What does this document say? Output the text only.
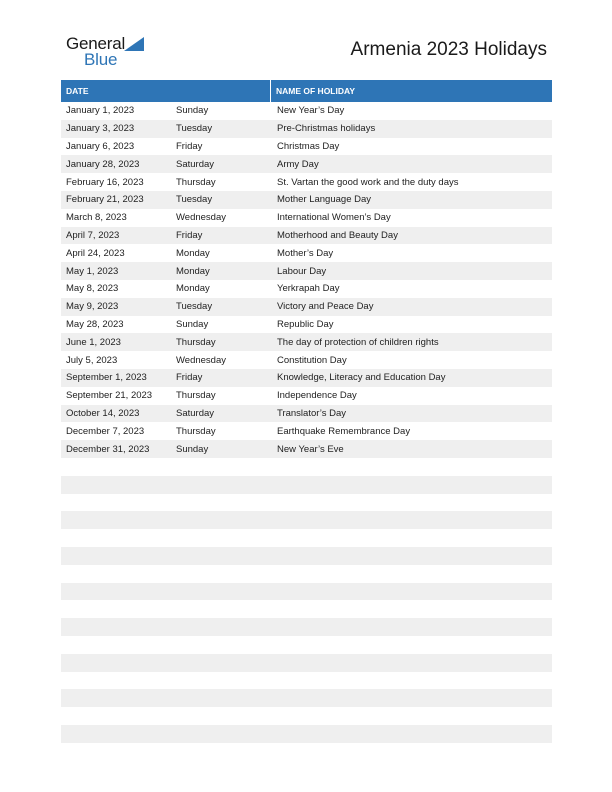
General
Blue	Armenia 2023 Holidays
DATE	NAME OF HOLIDAY
January 1, 2023	Sunday	New Year’s Day
January 3, 2023	Tuesday	Pre-Christmas holidays
January 6, 2023	Friday	Christmas Day
January 28, 2023	Saturday	Army Day
February 16, 2023	Thursday	St. Vartan the good work and the duty days
February 21, 2023	Tuesday	Mother Language Day
March 8, 2023	Wednesday	International Women’s Day
April 7, 2023	Friday	Motherhood and Beauty Day
April 24, 2023	Monday	Mother’s Day
May 1, 2023	Monday	Labour Day
May 8, 2023	Monday	Yerkrapah Day
May 9, 2023	Tuesday	Victory and Peace Day
May 28, 2023	Sunday	Republic Day
June 1, 2023	Thursday	The day of protection of children rights
July 5, 2023	Wednesday	Constitution Day
September 1, 2023	Friday	Knowledge, Literacy and Education Day
September 21, 2023	Thursday	Independence Day
October 14, 2023	Saturday	Translator’s Day
December 7, 2023	Thursday	Earthquake Remembrance Day
December 31, 2023	Sunday	New Year’s Eve
